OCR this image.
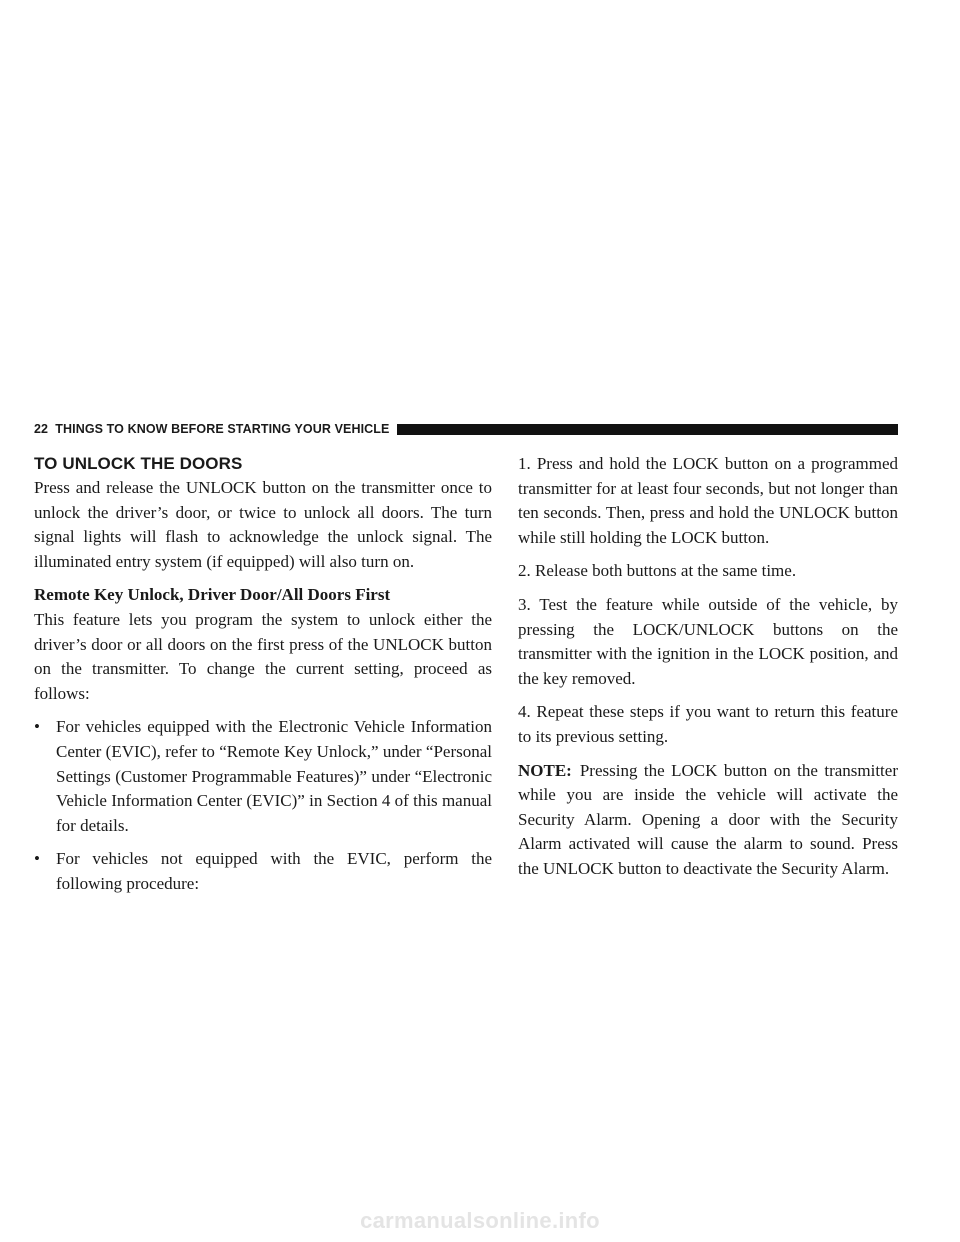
22 THINGS TO KNOW BEFORE STARTING YOUR VEHICLE
TO UNLOCK THE DOORS

Press and release the UNLOCK button on the transmitter once to unlock the driver’s door, or twice to unlock all doors. The turn signal lights will flash to acknowledge the unlock signal. The illuminated entry system (if equipped) will also turn on.

Remote Key Unlock, Driver Door/All Doors First

This feature lets you program the system to unlock either the driver’s door or all doors on the first press of the UNLOCK button on the transmitter. To change the current setting, proceed as follows:

• For vehicles equipped with the Electronic Vehicle Information Center (EVIC), refer to “Remote Key Unlock,” under “Personal Settings (Customer Programmable Features)” under “Electronic Vehicle Information Center (EVIC)” in Section 4 of this manual for details.
• For vehicles not equipped with the EVIC, perform the following procedure:

1. Press and hold the LOCK button on a programmed transmitter for at least four seconds, but not longer than ten seconds. Then, press and hold the UNLOCK button while still holding the LOCK button.

2. Release both buttons at the same time.

3. Test the feature while outside of the vehicle, by pressing the LOCK/UNLOCK buttons on the transmitter with the ignition in the LOCK position, and the key removed.

4. Repeat these steps if you want to return this feature to its previous setting.

NOTE: Pressing the LOCK button on the transmitter while you are inside the vehicle will activate the Security Alarm. Opening a door with the Security Alarm activated will cause the alarm to sound. Press the UNLOCK button to deactivate the Security Alarm.

carmanualsonline.info
